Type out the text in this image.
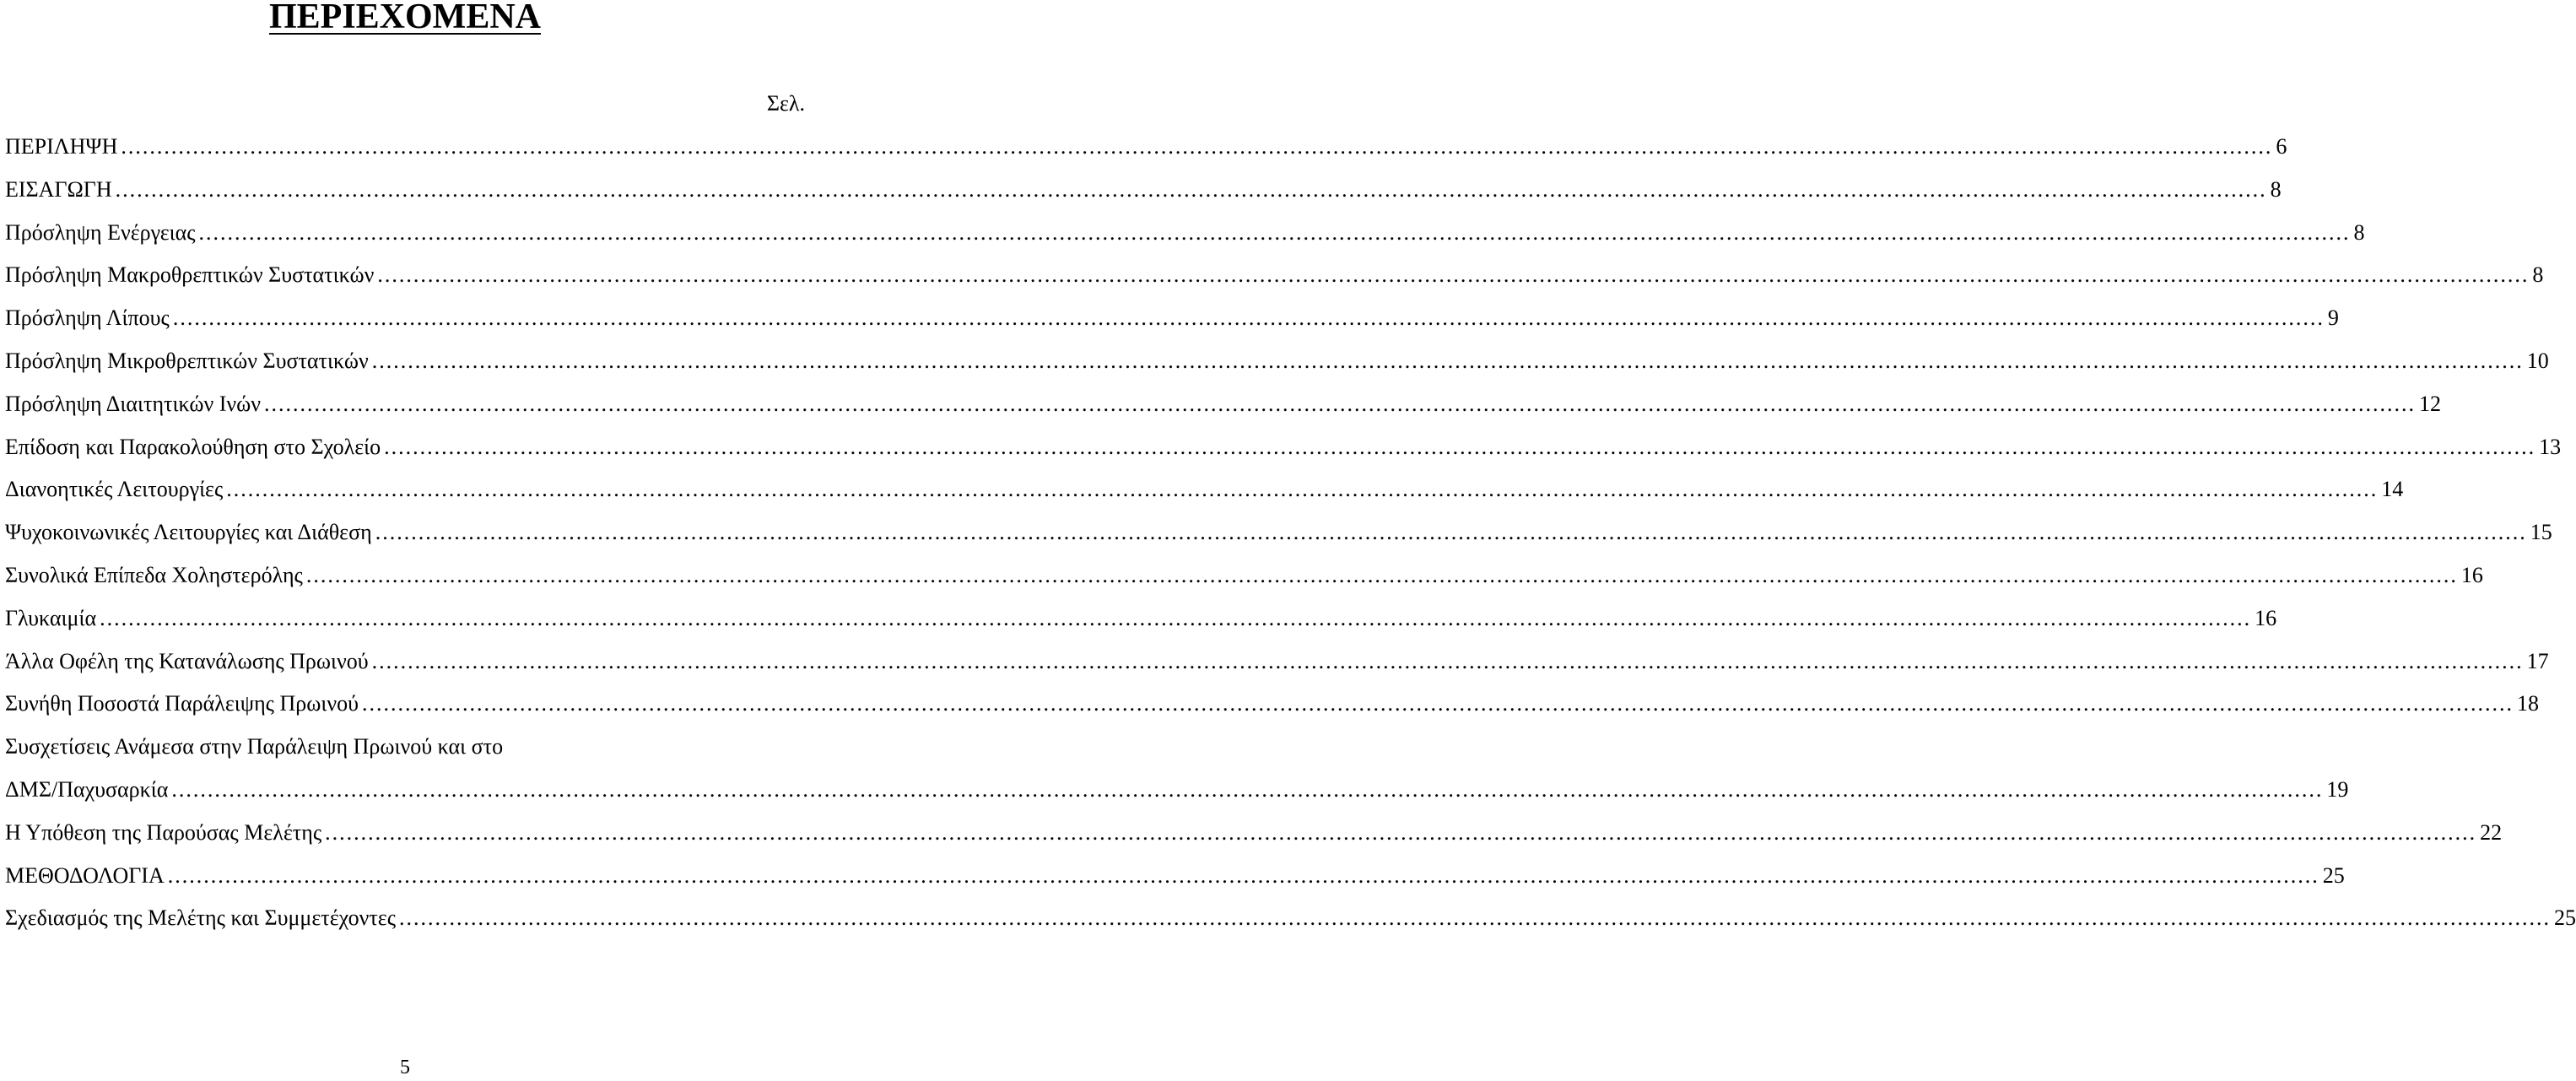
ΠΕΡΙΕΧΟΜΕΝΑ
Σελ.
ΠΕΡΙΛΗΨΗ ............................................................................................................................................................................................................................................................................................................ 6
ΕΙΣΑΓΩΓΗ ............................................................................................................................................................................................................................................................................................................ 8
Πρόσληψη Ενέργειας ............................................................................................................................................................................................................................................................................................................ 8
Πρόσληψη Μακροθρεπτικών Συστατικών ............................................................................................................................................................................................................................................................................................................ 8
Πρόσληψη Λίπους ............................................................................................................................................................................................................................................................................................................ 9
Πρόσληψη Μικροθρεπτικών Συστατικών ............................................................................................................................................................................................................................................................................................................ 10
Πρόσληψη Διαιτητικών Ινών ............................................................................................................................................................................................................................................................................................................ 12
Επίδοση και Παρακολούθηση στο Σχολείο ............................................................................................................................................................................................................................................................................................................ 13
Διανοητικές Λειτουργίες ............................................................................................................................................................................................................................................................................................................ 14
Ψυχοκοινωνικές Λειτουργίες και Διάθεση ............................................................................................................................................................................................................................................................................................................ 15
Συνολικά Επίπεδα Χοληστερόλης ............................................................................................................................................................................................................................................................................................................ 16
Γλυκαιμία ............................................................................................................................................................................................................................................................................................................ 16
Άλλα Οφέλη της Κατανάλωσης Πρωινού ............................................................................................................................................................................................................................................................................................................ 17
Συνήθη Ποσοστά Παράλειψης Πρωινού ............................................................................................................................................................................................................................................................................................................ 18
Συσχετίσεις Ανάμεσα στην Παράλειψη Πρωινού και στο
ΔΜΣ/Παχυσαρκία ............................................................................................................................................................................................................................................................................................................ 19
Η Υπόθεση της Παρούσας Μελέτης ............................................................................................................................................................................................................................................................................................................ 22
ΜΕΘΟΔΟΛΟΓΙΑ ............................................................................................................................................................................................................................................................................................................ 25
Σχεδιασμός της Μελέτης και Συμμετέχοντες ............................................................................................................................................................................................................................................................................................................ 25
5
